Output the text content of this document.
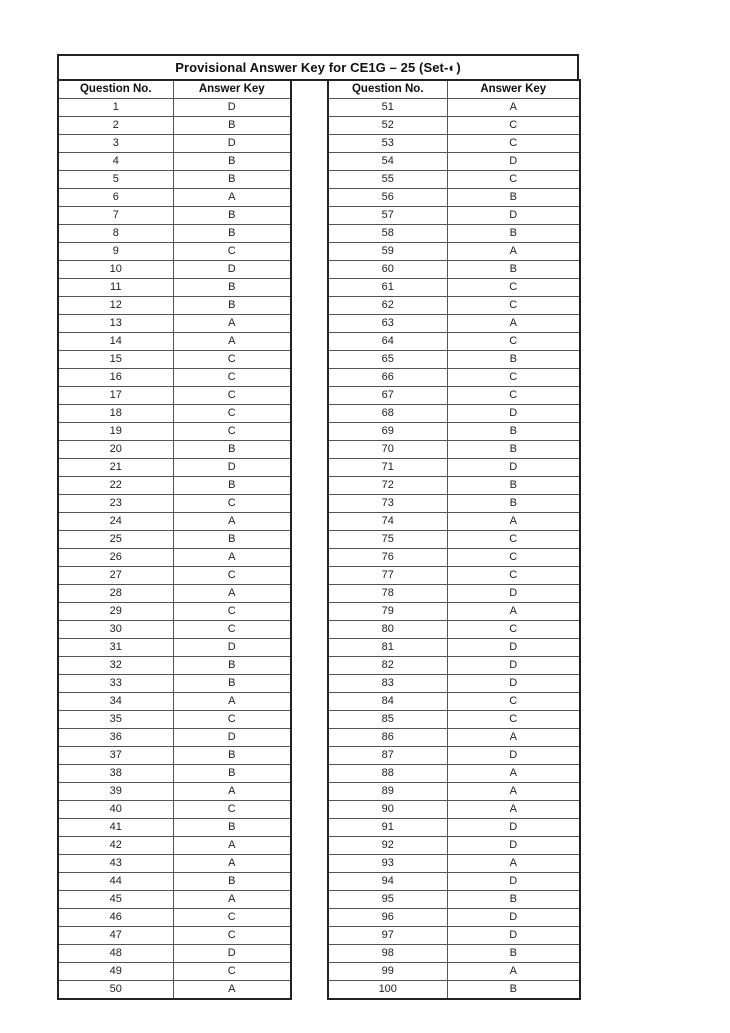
Provisional Answer Key for CE1G – 25 (Set-◐)
Question No.	Answer Key
1	D
2	B
3	D
4	B
5	B
6	A
7	B
8	B
9	C
10	D
11	B
12	B
13	A
14	A
15	C
16	C
17	C
18	C
19	C
20	B
21	D
22	B
23	C
24	A
25	B
26	A
27	C
28	A
29	C
30	C
31	D
32	B
33	B
34	A
35	C
36	D
37	B
38	B
39	A
40	C
41	B
42	A
43	A
44	B
45	A
46	C
47	C
48	D
49	C
50	A
Question No.	Answer Key
51	A
52	C
53	C
54	D
55	C
56	B
57	D
58	B
59	A
60	B
61	C
62	C
63	A
64	C
65	B
66	C
67	C
68	D
69	B
70	B
71	D
72	B
73	B
74	A
75	C
76	C
77	C
78	D
79	A
80	C
81	D
82	D
83	D
84	C
85	C
86	A
87	D
88	A
89	A
90	A
91	D
92	D
93	A
94	D
95	B
96	D
97	D
98	B
99	A
100	B
